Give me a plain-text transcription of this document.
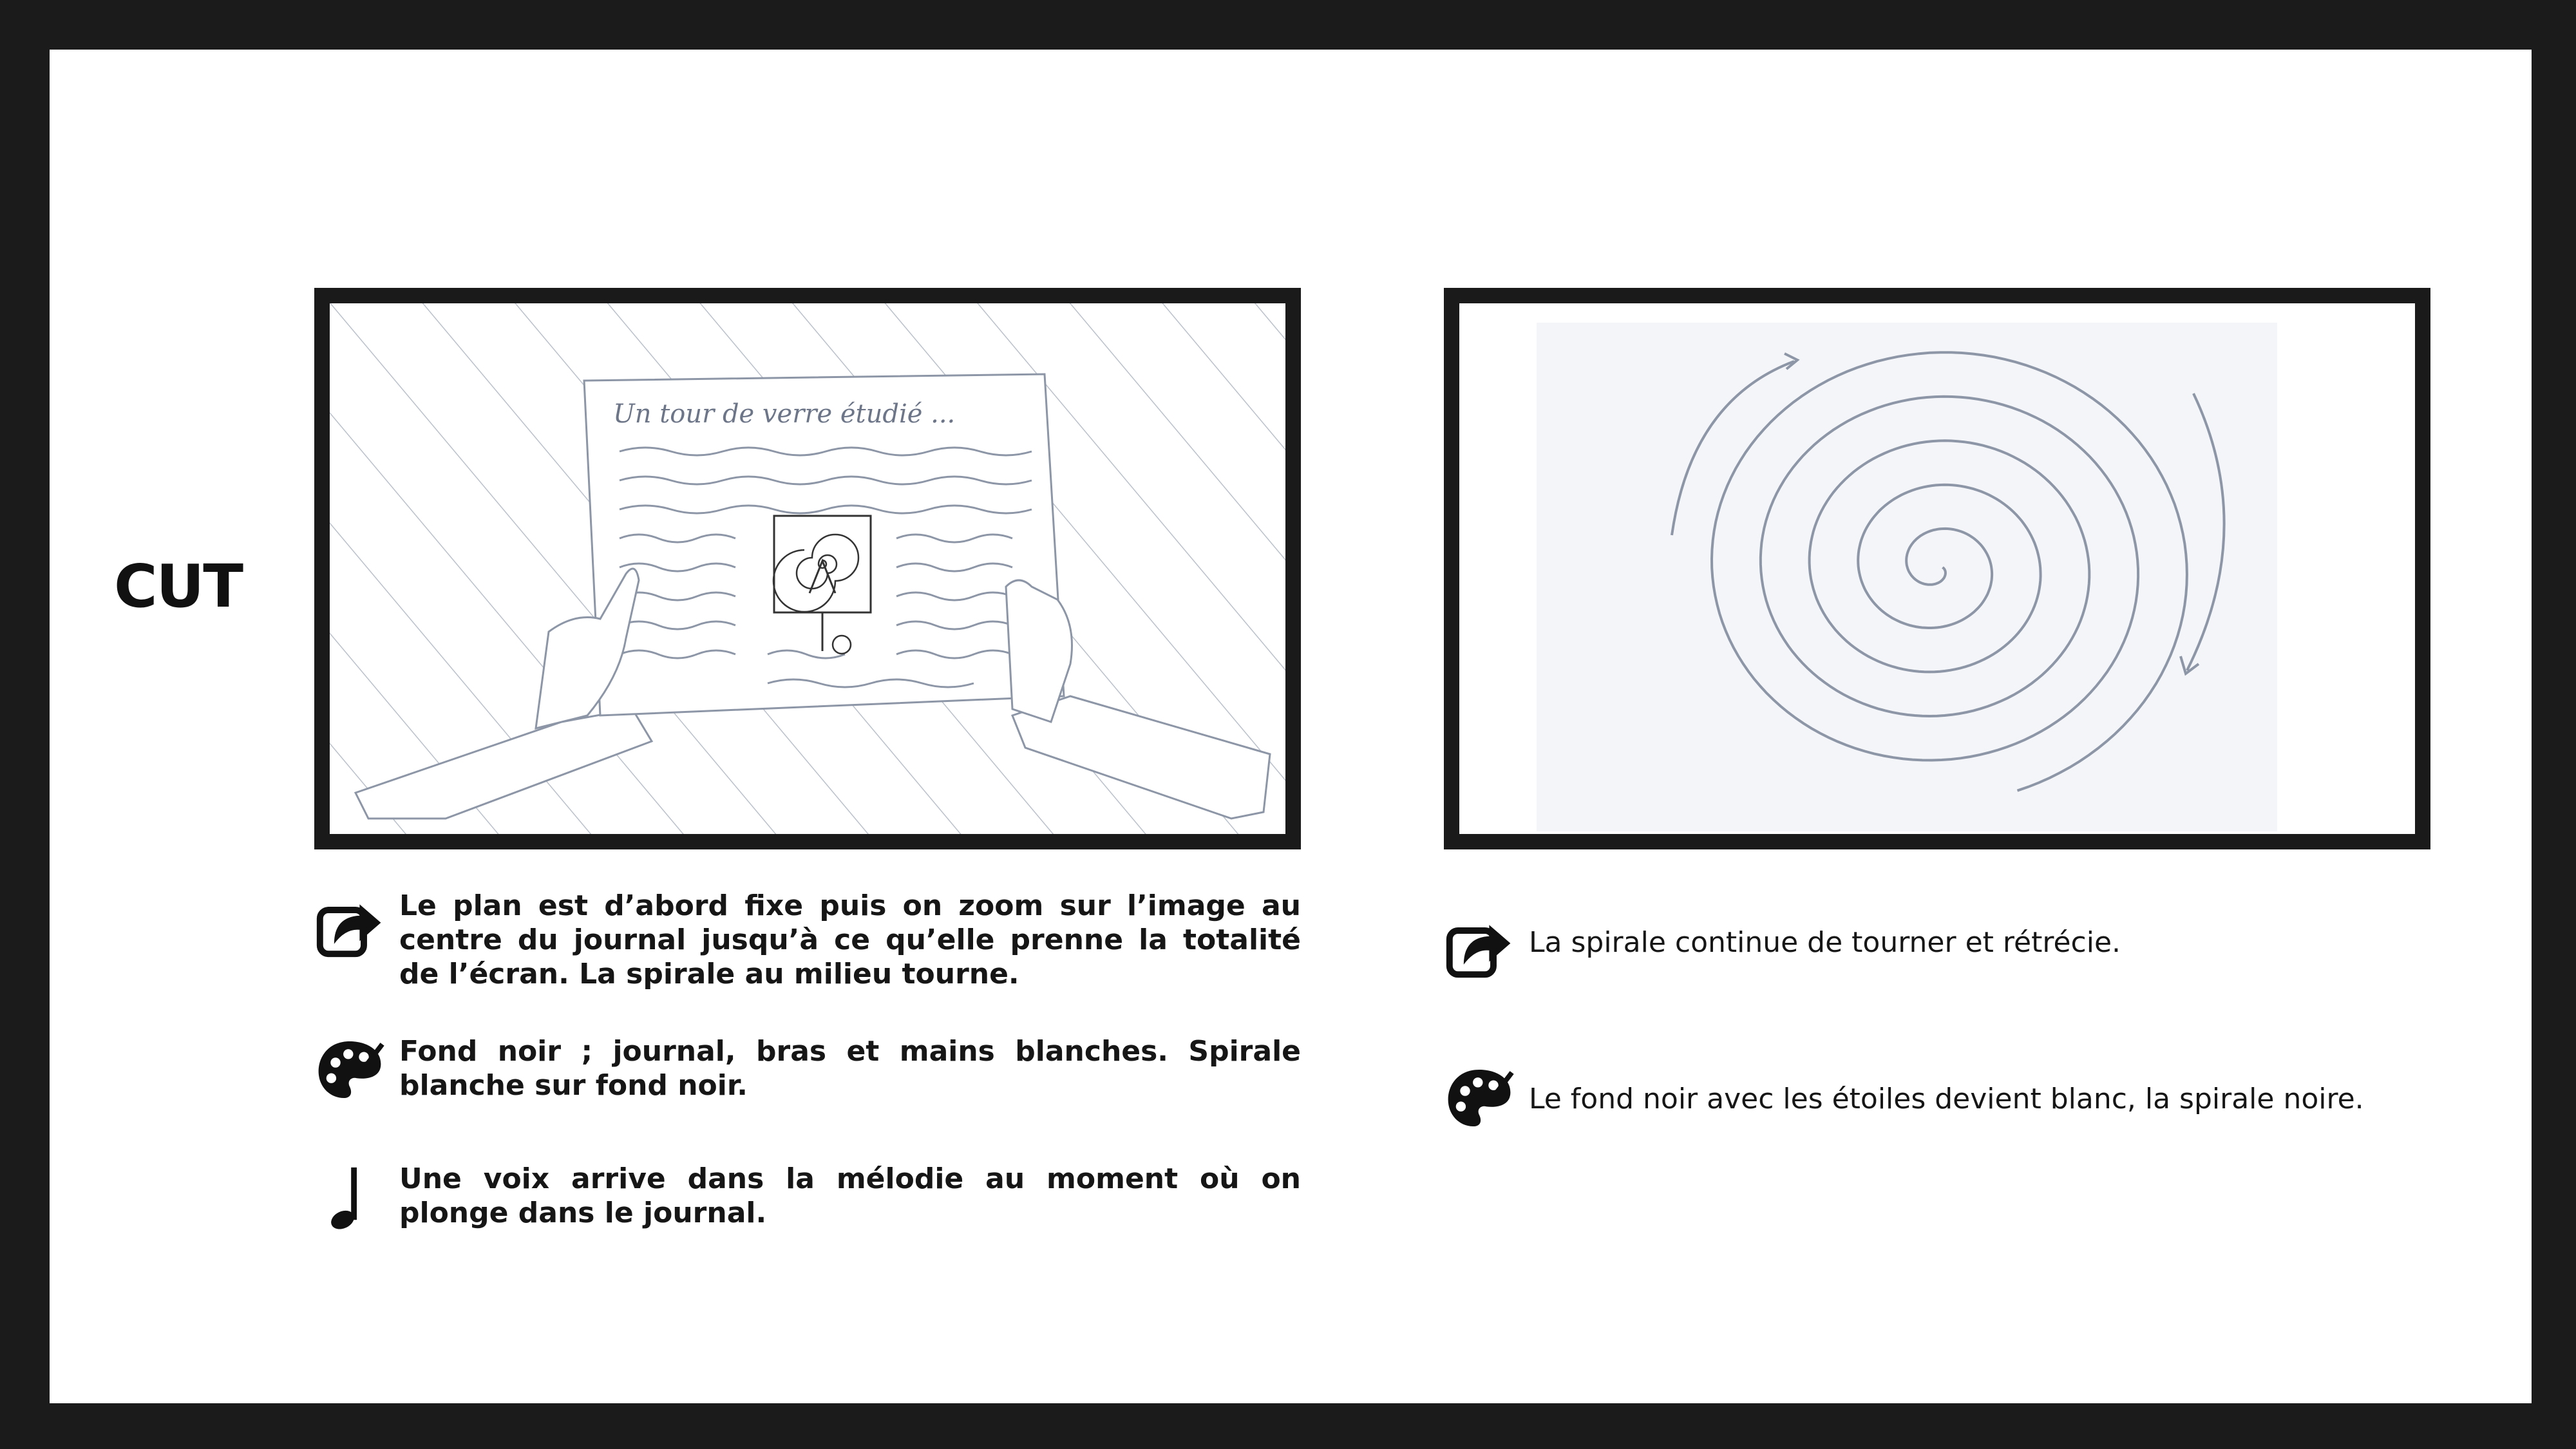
CUT
Un tour de verre étudié ...
Le plan est d’abord fixe puis on zoom sur l’image au centre du journal jusqu’à ce qu’elle prenne la totalité de l’écran. La spirale au milieu tourne.
Fond noir ; journal, bras et mains blanches. Spirale blanche sur fond noir.
Une voix arrive dans la mélodie au moment où on plonge dans le journal.
La spirale continue de tourner et rétrécie.
Le fond noir avec les étoiles devient blanc, la spirale noire.
